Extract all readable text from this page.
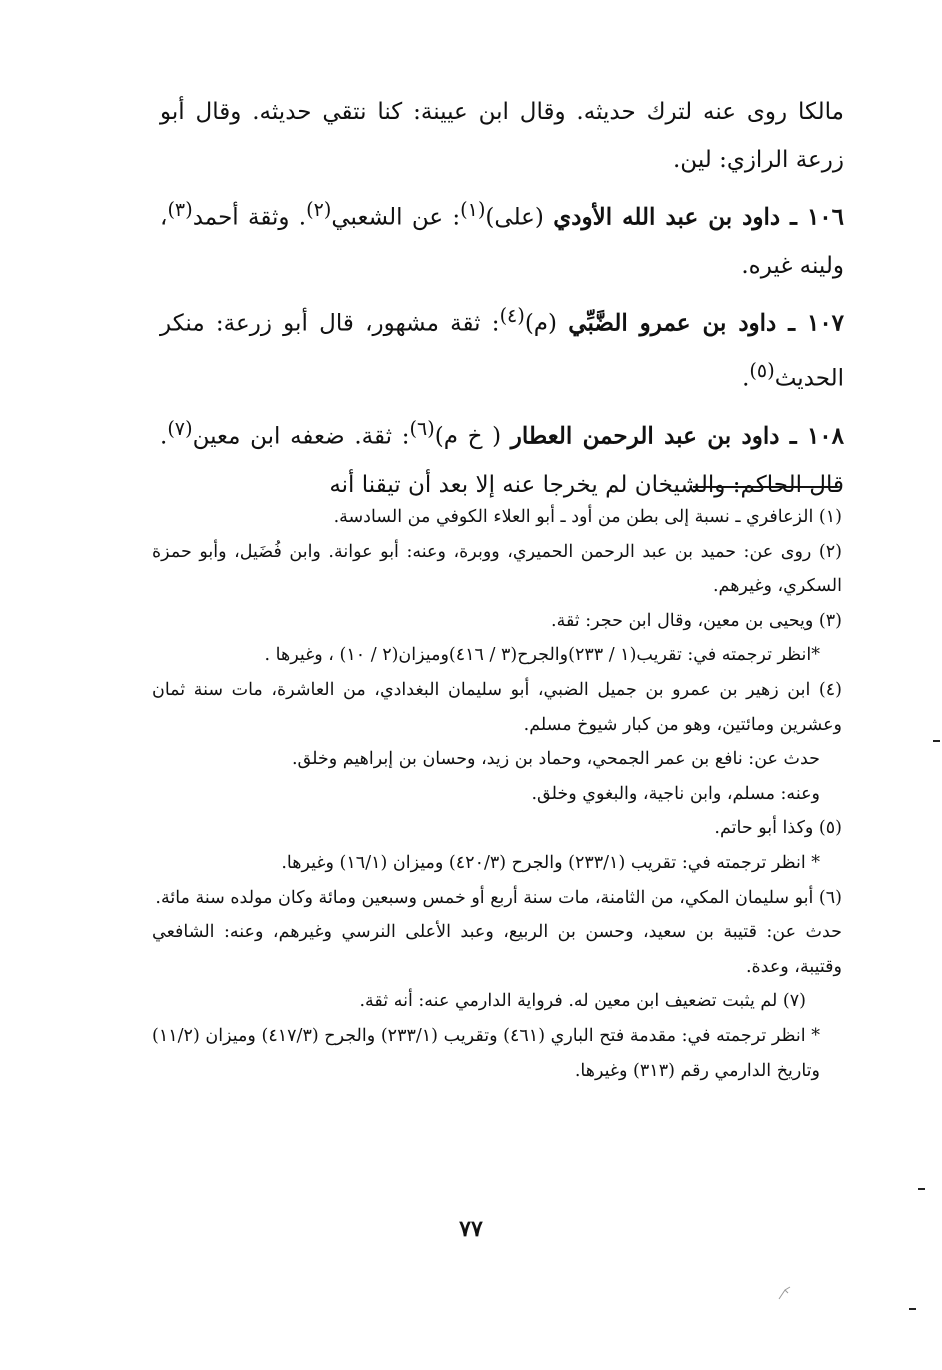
مالكا روى عنه لترك حديثه. وقال ابن عيينة: كنا نتقي حديثه. وقال أبو زرعة الرازي: لين.

١٠٦ ـ داود بن عبد الله الأودي (علی)$^{(١)}$: عن الشعبي$^{(٢)}$. وثقة أحمد$^{(٣)}$، ولينه غيره.

١٠٧ ـ داود بن عمرو الضَّبِّي (م)$^{(٤)}$: ثقة مشهور، قال أبو زرعة: منكر الحديث$^{(٥)}$.

١٠٨ ـ داود بن عبد الرحمن العطار ( خ م)$^{(٦)}$: ثقة. ضعفه ابن معين$^{(٧)}$. قال الحاكم: والشيخان لم يخرجا عنه إلا بعد أن تيقنا أنه

(١) الزعافري ـ نسبة إلى بطن من أود ـ أبو العلاء الكوفي من السادسة.

(٢) روى عن: حميد بن عبد الرحمن الحميري، ووبرة، وعنه: أبو عوانة. وابن فُضَيل، وأبو حمزة السكري، وغيرهم.

(٣) ويحيى بن معين، وقال ابن حجر: ثقة.

*انظر ترجمته في: تقريب(١ / ٢٣٣)والجرح(٣ / ٤١٦)وميزان(٢ / ١٠) ، وغيرها .

(٤) ابن زهير بن عمرو بن جميل الضبي، أبو سليمان البغدادي، من العاشرة، مات سنة ثمان وعشرين ومائتين، وهو من كبار شيوخ مسلم.

حدث عن: نافع بن عمر الجمحي، وحماد بن زيد، وحسان بن إبراهيم وخلق.

وعنه: مسلم، وابن ناجية، والبغوي وخلق.

(٥) وكذا أبو حاتم.

* انظر ترجمته في: تقريب (٢٣٣/١) والجرح (٤٢٠/٣) وميزان (١٦/١) وغيرها.

(٦) أبو سليمان المكي، من الثامنة، مات سنة أربع أو خمس وسبعين ومائة وكان مولده سنة مائة.

حدث عن: قتيبة بن سعيد، وحسن بن الربيع، وعبد الأعلى النرسي وغيرهم، وعنه: الشافعي وقتيبة، وعدة.

(٧) لم يثبت تضعيف ابن معين له. فرواية الدارمي عنه: أنه ثقة.

* انظر ترجمته في: مقدمة فتح الباري (٤٦١) وتقريب (٢٣٣/١) والجرح (٤١٧/٣) وميزان (١١/٢) وتاريخ الدارمي رقم (٣١٣) وغيرها.

٧٧
